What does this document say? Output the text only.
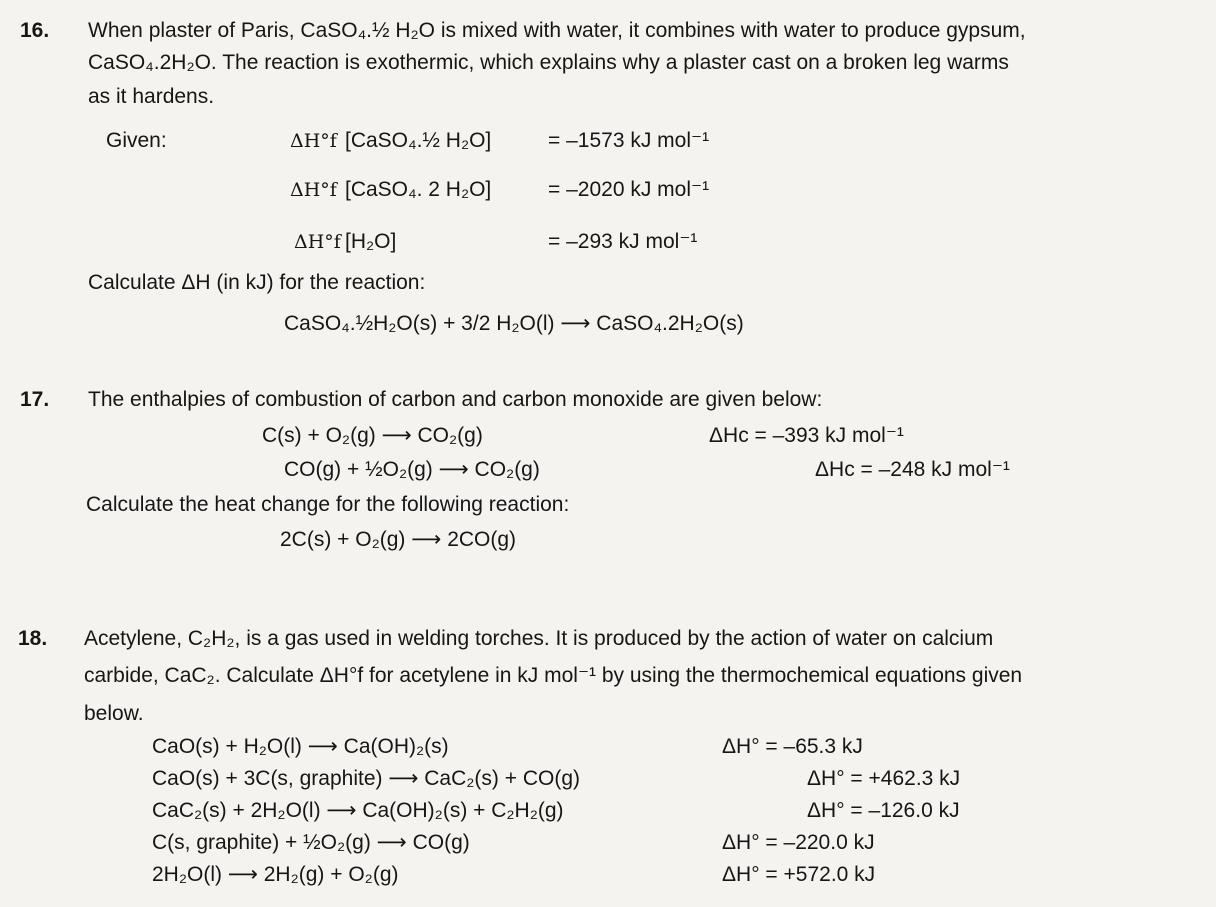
16. When plaster of Paris, CaSO₄.½ H₂O is mixed with water, it combines with water to produce gypsum,
CaSO₄.2H₂O. The reaction is exothermic, which explains why a plaster cast on a broken leg warms
as it hardens.
Given:	ΔH°f [CaSO₄.½ H₂O]	= –1573 kJ mol⁻¹
ΔH°f [CaSO₄. 2 H₂O]	= –2020 kJ mol⁻¹
ΔH°f [H₂O]	= –293 kJ mol⁻¹
Calculate ΔH (in kJ) for the reaction:
CaSO₄.½H₂O(s) + 3/2 H₂O(l) ⟶ CaSO₄.2H₂O(s)
17. The enthalpies of combustion of carbon and carbon monoxide are given below:
C(s) + O₂(g) ⟶ CO₂(g)	ΔHc = –393 kJ mol⁻¹
CO(g) + ½O₂(g) ⟶ CO₂(g)	ΔHc = –248 kJ mol⁻¹
Calculate the heat change for the following reaction:
2C(s) + O₂(g) ⟶ 2CO(g)
18. Acetylene, C₂H₂, is a gas used in welding torches. It is produced by the action of water on calcium
carbide, CaC₂. Calculate ΔH°f for acetylene in kJ mol⁻¹ by using the thermochemical equations given
below.
CaO(s) + H₂O(l) ⟶ Ca(OH)₂(s)	ΔH° = –65.3 kJ
CaO(s) + 3C(s, graphite) ⟶ CaC₂(s) + CO(g)	ΔH° = +462.3 kJ
CaC₂(s) + 2H₂O(l) ⟶ Ca(OH)₂(s) + C₂H₂(g)	ΔH° = –126.0 kJ
C(s, graphite) + ½O₂(g) ⟶ CO(g)	ΔH° = –220.0 kJ
2H₂O(l) ⟶ 2H₂(g) + O₂(g)	ΔH° = +572.0 kJ
